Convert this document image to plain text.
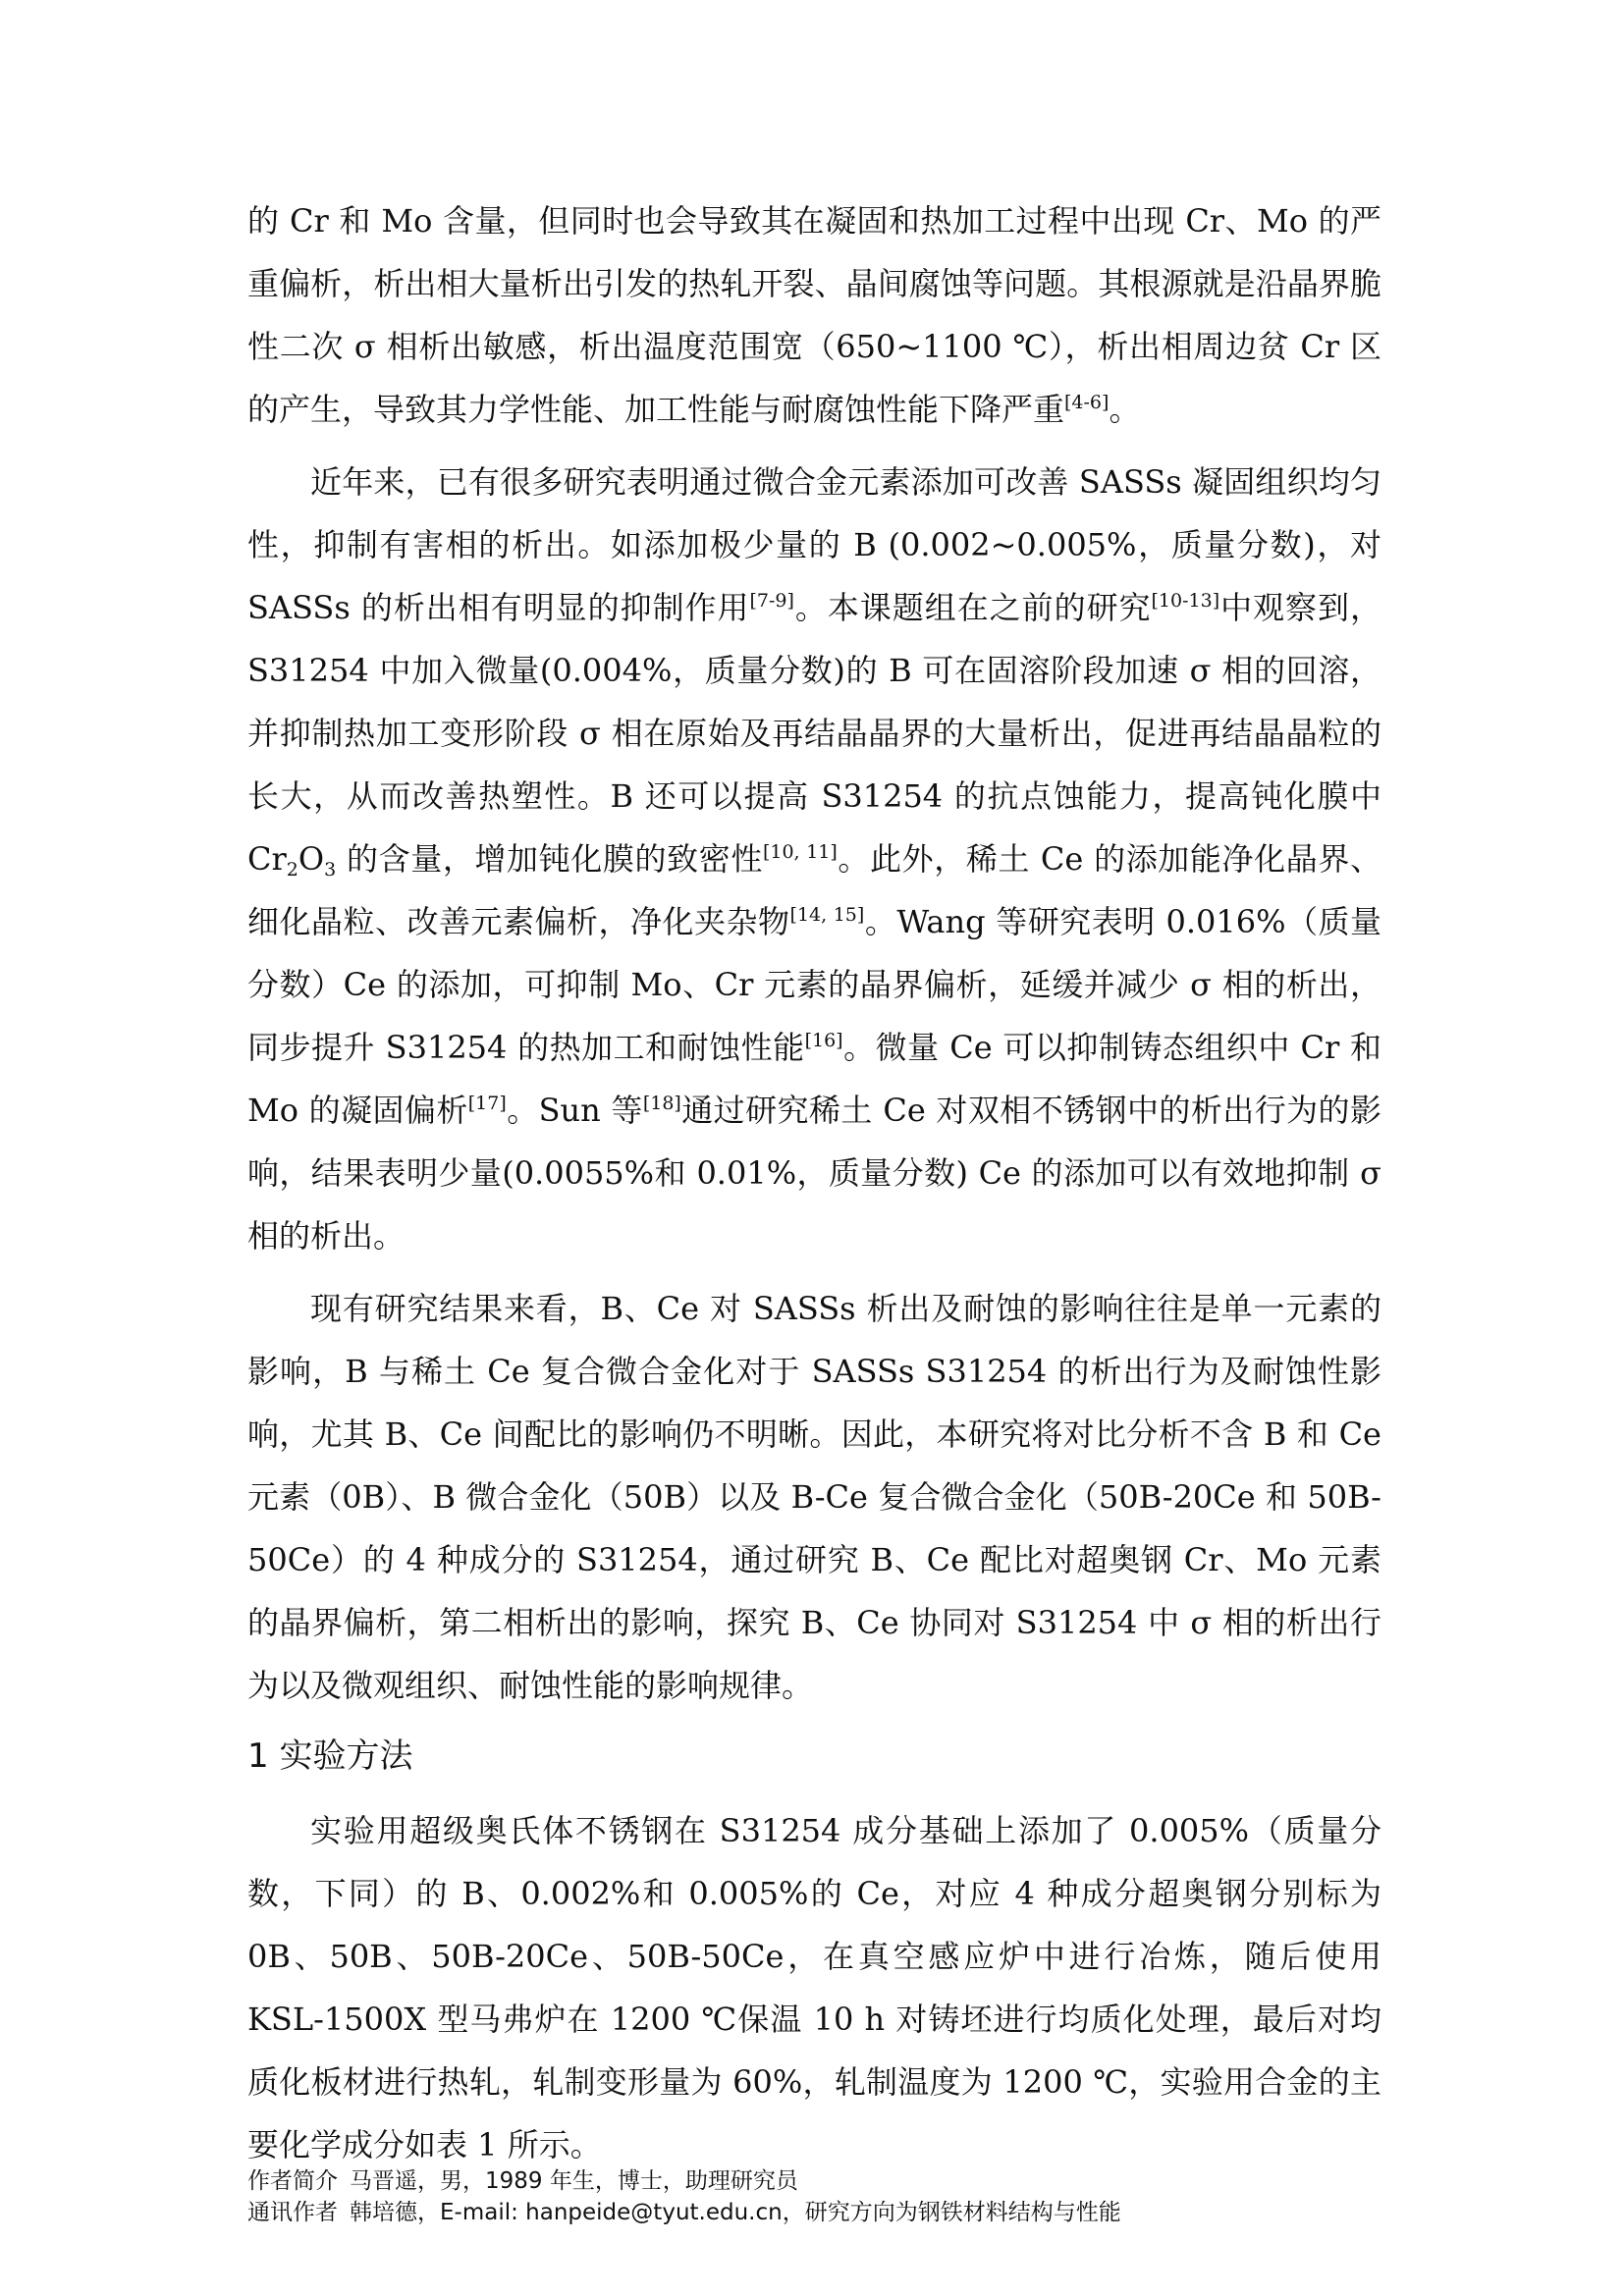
的 Cr 和 Mo 含量，但同时也会导致其在凝固和热加工过程中出现 Cr、Mo 的严重偏析，析出相大量析出引发的热轧开裂、晶间腐蚀等问题。其根源就是沿晶界脆性二次 σ 相析出敏感，析出温度范围宽（650~1100 ℃），析出相周边贫 Cr 区的产生，导致其力学性能、加工性能与耐腐蚀性能下降严重[4-6]。

近年来，已有很多研究表明通过微合金元素添加可改善 SASSs 凝固组织均匀性，抑制有害相的析出。如添加极少量的 B (0.002~0.005%，质量分数)，对 SASSs 的析出相有明显的抑制作用[7-9]。本课题组在之前的研究[10-13]中观察到，S31254 中加入微量(0.004%，质量分数)的 B 可在固溶阶段加速 σ 相的回溶，并抑制热加工变形阶段 σ 相在原始及再结晶晶界的大量析出，促进再结晶晶粒的长大，从而改善热塑性。B 还可以提高 S31254 的抗点蚀能力，提高钝化膜中 $Cr_2O_3$ 的含量，增加钝化膜的致密性[10, 11]。此外，稀土 Ce 的添加能净化晶界、细化晶粒、改善元素偏析，净化夹杂物[14, 15]。Wang 等研究表明 0.016%（质量分数）Ce 的添加，可抑制 Mo、Cr 元素的晶界偏析，延缓并减少 σ 相的析出，同步提升 S31254 的热加工和耐蚀性能[16]。微量 Ce 可以抑制铸态组织中 Cr 和 Mo 的凝固偏析[17]。Sun 等[18]通过研究稀土 Ce 对双相不锈钢中的析出行为的影响，结果表明少量(0.0055%和 0.01%，质量分数) Ce 的添加可以有效地抑制 σ 相的析出。

现有研究结果来看，B、Ce 对 SASSs 析出及耐蚀的影响往往是单一元素的影响，B 与稀土 Ce 复合微合金化对于 SASSs S31254 的析出行为及耐蚀性影响，尤其 B、Ce 间配比的影响仍不明晰。因此，本研究将对比分析不含 B 和 Ce 元素（0B）、B 微合金化（50B）以及 B-Ce 复合微合金化（50B-20Ce 和 50B-50Ce）的 4 种成分的 S31254，通过研究 B、Ce 配比对超奥钢 Cr、Mo 元素的晶界偏析，第二相析出的影响，探究 B、Ce 协同对 S31254 中 σ 相的析出行为以及微观组织、耐蚀性能的影响规律。

1 实验方法

实验用超级奥氏体不锈钢在 S31254 成分基础上添加了 0.005%（质量分数，下同）的 B、0.002%和 0.005%的 Ce，对应 4 种成分超奥钢分别标为 0B、50B、50B-20Ce、50B-50Ce，在真空感应炉中进行冶炼，随后使用 KSL-1500X 型马弗炉在 1200 ℃保温 10 h 对铸坯进行均质化处理，最后对均质化板材进行热轧，轧制变形量为 60%，轧制温度为 1200 ℃，实验用合金的主要化学成分如表 1 所示。

作者简介 马晋遥，男，1989 年生，博士，助理研究员

通讯作者 韩培德，E-mail: hanpeide@tyut.edu.cn，研究方向为钢铁材料结构与性能
